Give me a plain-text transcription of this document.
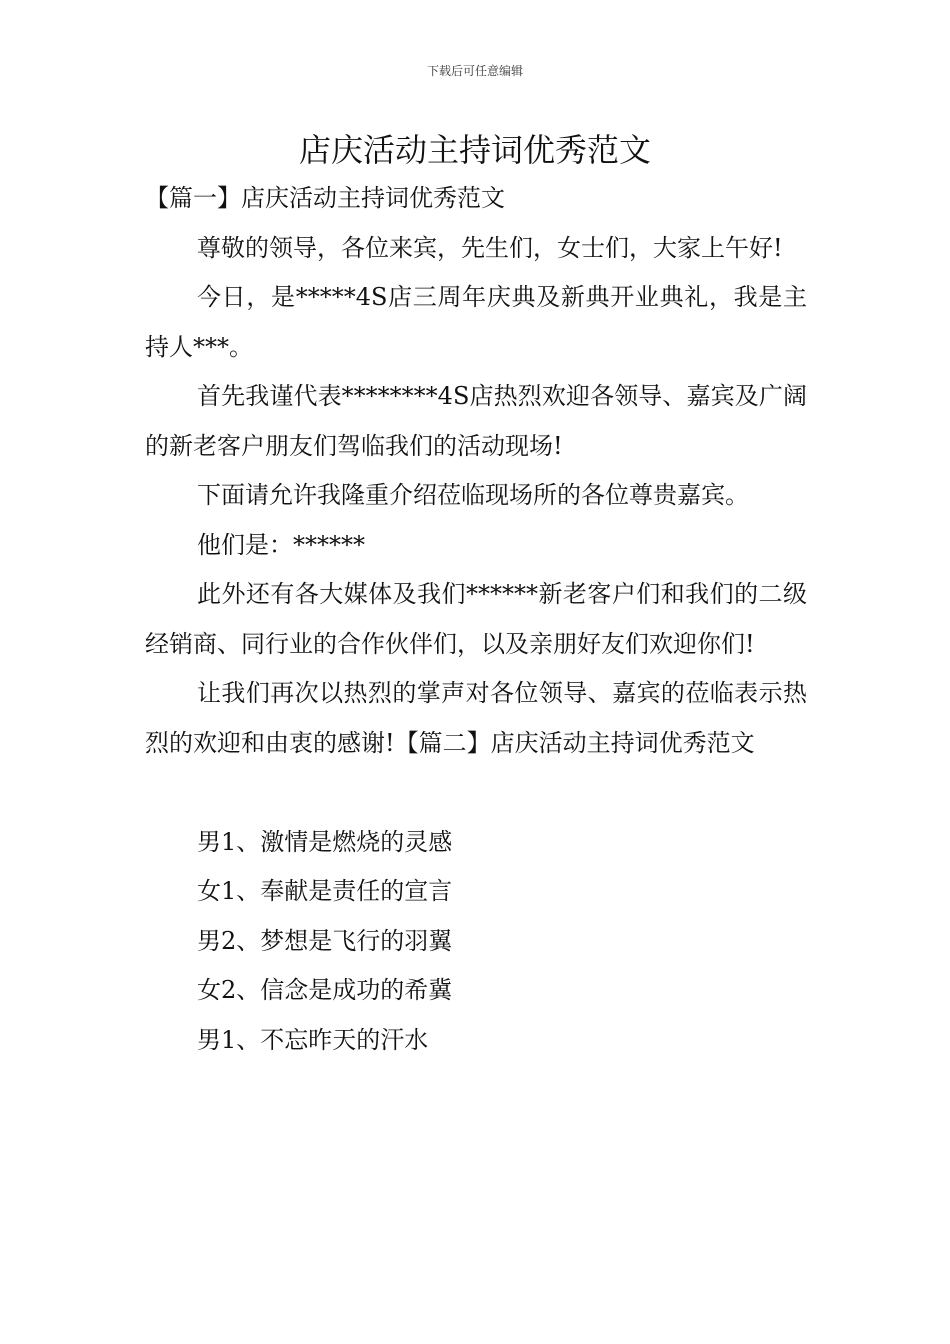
下载后可任意编辑
店庆活动主持词优秀范文

【篇一】店庆活动主持词优秀范文

尊敬的领导，各位来宾，先生们，女士们，大家上午好!

今日，是*****4S店三周年庆典及新典开业典礼，我是主持人***。

首先我谨代表********4S店热烈欢迎各领导、嘉宾及广阔的新老客户朋友们驾临我们的活动现场!

下面请允许我隆重介绍莅临现场所的各位尊贵嘉宾。

他们是：******

此外还有各大媒体及我们******新老客户们和我们的二级经销商、同行业的合作伙伴们，以及亲朋好友们欢迎你们!

让我们再次以热烈的掌声对各位领导、嘉宾的莅临表示热烈的欢迎和由衷的感谢!【篇二】店庆活动主持词优秀范文

男1、激情是燃烧的灵感

女1、奉献是责任的宣言

男2、梦想是飞行的羽翼

女2、信念是成功的希冀

男1、不忘昨天的汗水
